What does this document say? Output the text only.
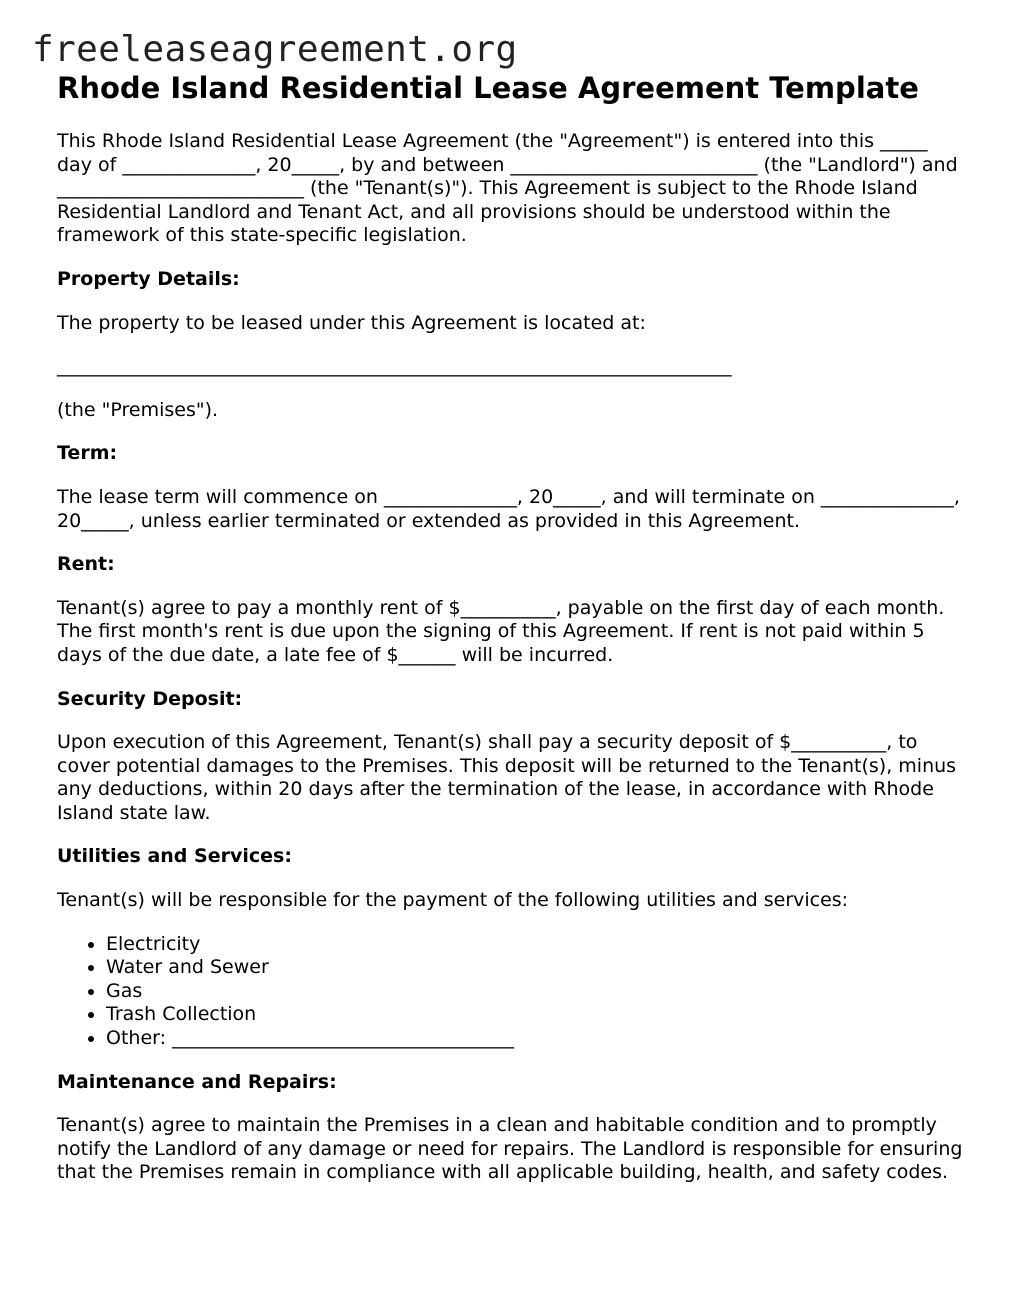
freeleaseagreement.org
Rhode Island Residential Lease Agreement Template

This Rhode Island Residential Lease Agreement (the "Agreement") is entered into this _____ day of ______________, 20_____, by and between __________________________ (the "Landlord") and __________________________ (the "Tenant(s)"). This Agreement is subject to the Rhode Island Residential Landlord and Tenant Act, and all provisions should be understood within the framework of this state-specific legislation.

Property Details:

The property to be leased under this Agreement is located at:

_______________________________________________________________________

(the "Premises").

Term:

The lease term will commence on ______________, 20_____, and will terminate on ______________, 20_____, unless earlier terminated or extended as provided in this Agreement.

Rent:

Tenant(s) agree to pay a monthly rent of $__________, payable on the first day of each month. The first month's rent is due upon the signing of this Agreement. If rent is not paid within 5 days of the due date, a late fee of $______ will be incurred.

Security Deposit:

Upon execution of this Agreement, Tenant(s) shall pay a security deposit of $__________, to cover potential damages to the Premises. This deposit will be returned to the Tenant(s), minus any deductions, within 20 days after the termination of the lease, in accordance with Rhode Island state law.

Utilities and Services:

Tenant(s) will be responsible for the payment of the following utilities and services:

• Electricity
• Water and Sewer
• Gas
• Trash Collection
• Other: ____________________________________

Maintenance and Repairs:

Tenant(s) agree to maintain the Premises in a clean and habitable condition and to promptly notify the Landlord of any damage or need for repairs. The Landlord is responsible for ensuring that the Premises remain in compliance with all applicable building, health, and safety codes.
